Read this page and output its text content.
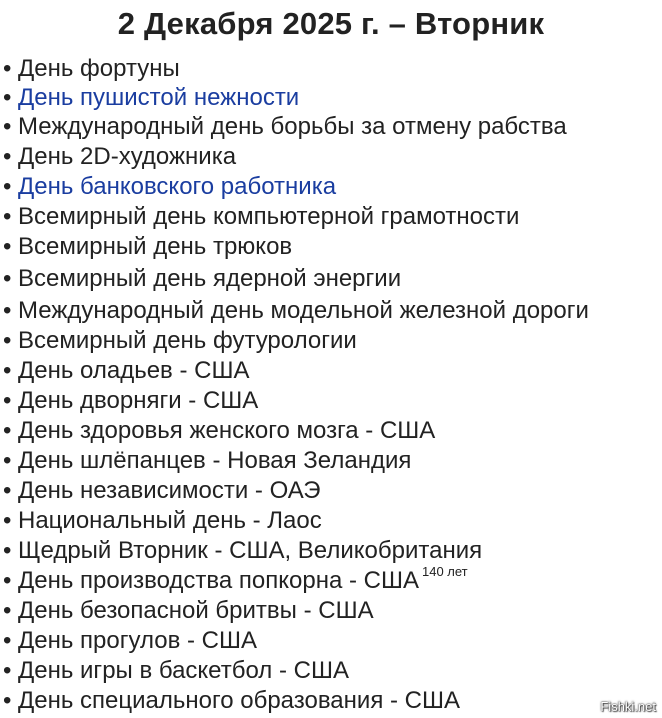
2 Декабря 2025 г. – Вторник
• День фортуны
• День пушистой нежности
• Международный день борьбы за отмену рабства
• День 2D-художника
• День банковского работника
• Всемирный день компьютерной грамотности
• Всемирный день трюков
• Всемирный день ядерной энергии
• Международный день модельной железной дороги
• Всемирный день футурологии
• День оладьев - США
• День дворняги - США
• День здоровья женского мозга - США
• День шлёпанцев - Новая Зеландия
• День независимости - ОАЭ
• Национальный день - Лаос
• Щедрый Вторник - США, Великобритания
• День производства попкорна - США $^{140 лет}$
• День безопасной бритвы - США
• День прогулов - США
• День игры в баскетбол - США
• День специального образования - США	Fishki.net
